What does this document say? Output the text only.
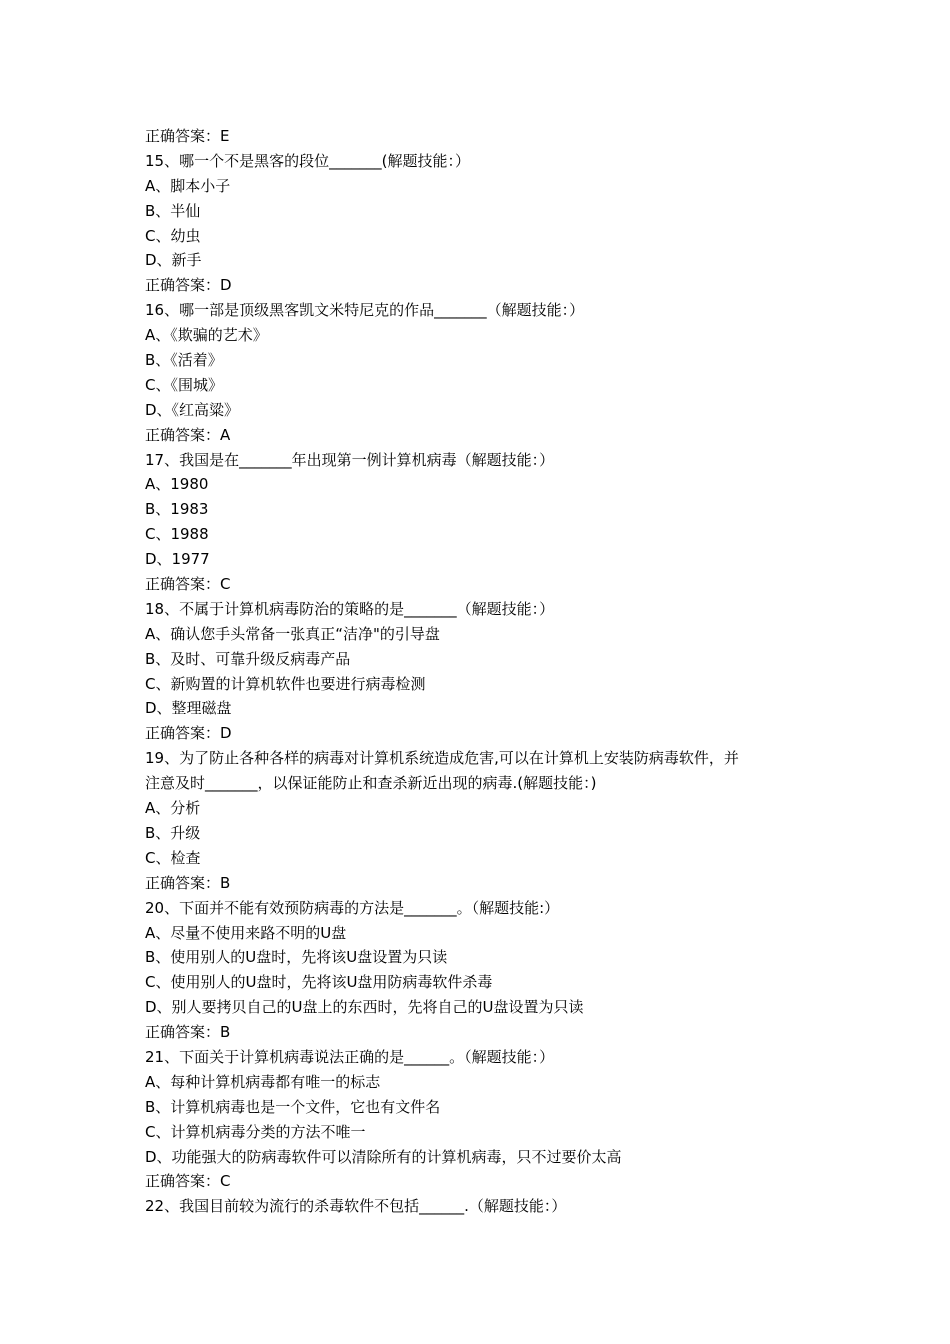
正确答案：E
15、哪一个不是黑客的段位_______(解题技能：）
A、脚本小子
B、半仙
C、幼虫
D、新手
正确答案：D
16、哪一部是顶级黑客凯文米特尼克的作品_______（解题技能：）
A、《欺骗的艺术》
B、《活着》
C、《围城》
D、《红高粱》
正确答案：A
17、我国是在_______年出现第一例计算机病毒（解题技能：）
A、1980
B、1983
C、1988
D、1977
正确答案：C
18、不属于计算机病毒防治的策略的是_______（解题技能：）
A、确认您手头常备一张真正“洁净"的引导盘
B、及时、可靠升级反病毒产品
C、新购置的计算机软件也要进行病毒检测
D、整理磁盘
正确答案：D
19、为了防止各种各样的病毒对计算机系统造成危害,可以在计算机上安装防病毒软件，并
注意及时_______，以保证能防止和查杀新近出现的病毒.(解题技能：)
A、分析
B、升级
C、检查
正确答案：B
20、下面并不能有效预防病毒的方法是_______。（解题技能:）
A、尽量不使用来路不明的U盘
B、使用别人的U盘时，先将该U盘设置为只读
C、使用别人的U盘时，先将该U盘用防病毒软件杀毒
D、别人要拷贝自己的U盘上的东西时，先将自己的U盘设置为只读
正确答案：B
21、下面关于计算机病毒说法正确的是______。（解题技能：）
A、每种计算机病毒都有唯一的标志
B、计算机病毒也是一个文件，它也有文件名
C、计算机病毒分类的方法不唯一
D、功能强大的防病毒软件可以清除所有的计算机病毒，只不过要价太高
正确答案：C
22、我国目前较为流行的杀毒软件不包括______.（解题技能：）
